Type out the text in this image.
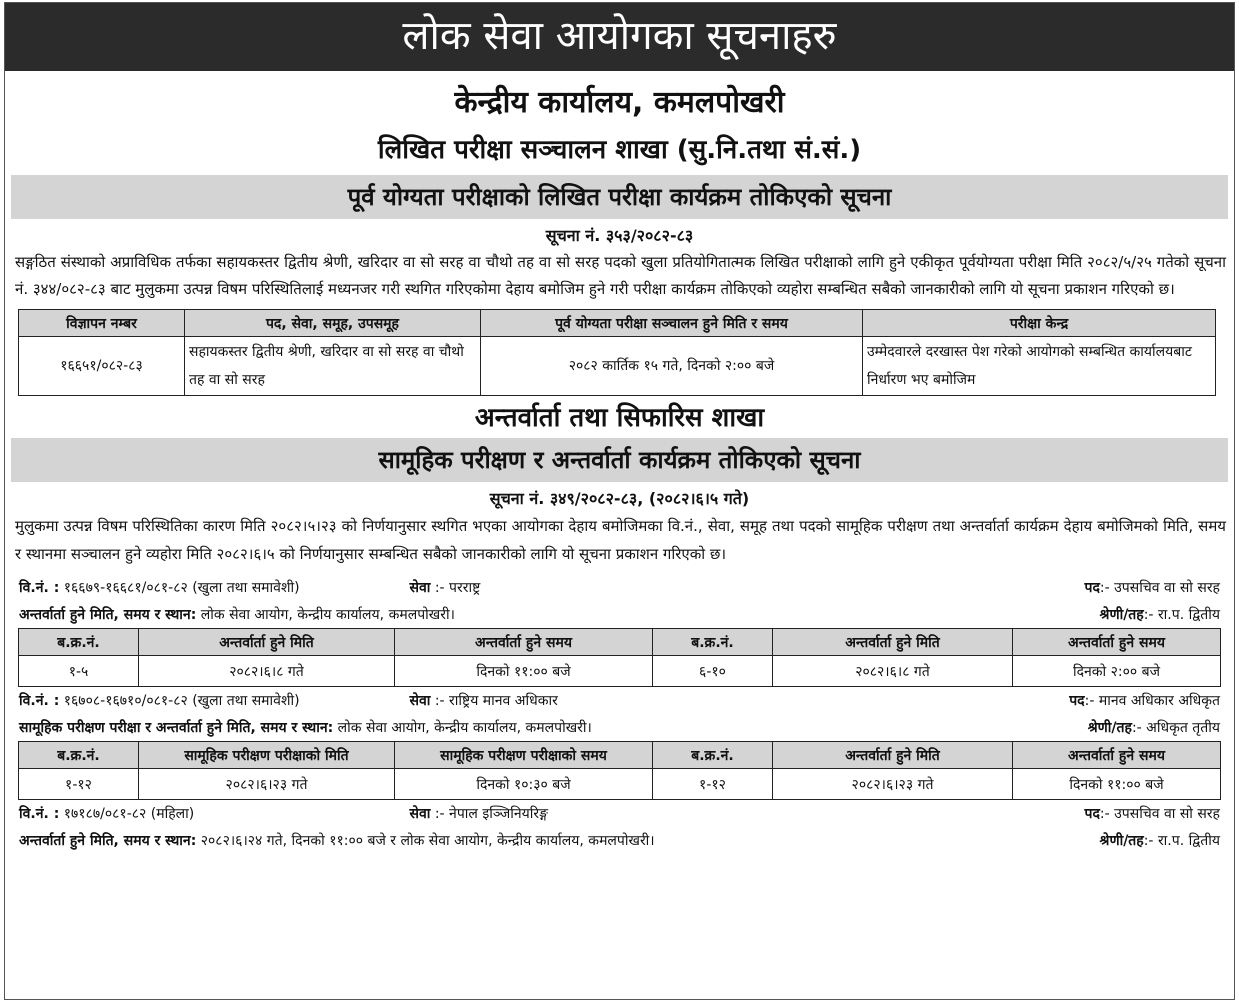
लोक सेवा आयोगका सूचनाहरु
केन्द्रीय कार्यालय, कमलपोखरी
लिखित परीक्षा सञ्चालन शाखा (सु.नि.तथा सं.सं.)
पूर्व योग्यता परीक्षाको लिखित परीक्षा कार्यक्रम तोकिएको सूचना
सूचना नं. ३५३/२०८२-८३
सङ्गठित संस्थाको अप्राविधिक तर्फका सहायकस्तर द्वितीय श्रेणी, खरिदार वा सो सरह वा चौथो तह वा सो सरह पदको खुला प्रतियोगितात्मक लिखित परीक्षाको लागि हुने एकीकृत पूर्वयोग्यता परीक्षा मिति २०८२/५/२५ गतेको सूचना नं. ३४४/०८२-८३ बाट मुलुकमा उत्पन्न विषम परिस्थितिलाई मध्यनजर गरी स्थगित गरिएकोमा देहाय बमोजिम हुने गरी परीक्षा कार्यक्रम तोकिएको व्यहोरा सम्बन्धित सबैको जानकारीको लागि यो सूचना प्रकाशन गरिएको छ।
विज्ञापन नम्बर	पद, सेवा, समूह, उपसमूह	पूर्व योग्यता परीक्षा सञ्चालन हुने मिति र समय	परीक्षा केन्द्र
१६६५१/०८२-८३	सहायकस्तर द्वितीय श्रेणी, खरिदार वा सो सरह वा चौथो तह वा सो सरह	२०८२ कार्तिक १५ गते, दिनको २:०० बजे	उम्मेदवारले दरखास्त पेश गरेको आयोगको सम्बन्धित कार्यालयबाट निर्धारण भए बमोजिम
अन्तर्वार्ता तथा सिफारिस शाखा
सामूहिक परीक्षण र अन्तर्वार्ता कार्यक्रम तोकिएको सूचना
सूचना नं. ३४९/२०८२-८३, (२०८२।६।५ गते)
मुलुकमा उत्पन्न विषम परिस्थितिका कारण मिति २०८२।५।२३ को निर्णयानुसार स्थगित भएका आयोगका देहाय बमोजिमका वि.नं., सेवा, समूह तथा पदको सामूहिक परीक्षण तथा अन्तर्वार्ता कार्यक्रम देहाय बमोजिमको मिति, समय र स्थानमा सञ्चालन हुने व्यहोरा मिति २०८२।६।५ को निर्णयानुसार सम्बन्धित सबैको जानकारीको लागि यो सूचना प्रकाशन गरिएको छ।
वि.नं. : १६६७९-१६६८१/०८१-८२ (खुला तथा समावेशी)	सेवा :- परराष्ट्र	पद:- उपसचिव वा सो सरह
अन्तर्वार्ता हुने मिति, समय र स्थान: लोक सेवा आयोग, केन्द्रीय कार्यालय, कमलपोखरी।	श्रेणी/तह:- रा.प. द्वितीय
ब.क्र.नं.	अन्तर्वार्ता हुने मिति	अन्तर्वार्ता हुने समय	ब.क्र.नं.	अन्तर्वार्ता हुने मिति	अन्तर्वार्ता हुने समय
१-५	२०८२।६।८ गते	दिनको ११:०० बजे	६-१०	२०८२।६।८ गते	दिनको २:०० बजे
वि.नं. : १६७०८-१६७१०/०८१-८२ (खुला तथा समावेशी)	सेवा :- राष्ट्रिय मानव अधिकार	पद:- मानव अधिकार अधिकृत
सामूहिक परीक्षण परीक्षा र अन्तर्वार्ता हुने मिति, समय र स्थान: लोक सेवा आयोग, केन्द्रीय कार्यालय, कमलपोखरी।	श्रेणी/तह:- अधिकृत तृतीय
ब.क्र.नं.	सामूहिक परीक्षण परीक्षाको मिति	सामूहिक परीक्षण परीक्षाको समय	ब.क्र.नं.	अन्तर्वार्ता हुने मिति	अन्तर्वार्ता हुने समय
१-१२	२०८२।६।२३ गते	दिनको १०:३० बजे	१-१२	२०८२।६।२३ गते	दिनको ११:०० बजे
वि.नं. : १७१८७/०८१-८२ (महिला)	सेवा :- नेपाल इञ्जिनियरिङ्ग	पद:- उपसचिव वा सो सरह
अन्तर्वार्ता हुने मिति, समय र स्थान: २०८२।६।२४ गते, दिनको ११:०० बजे र लोक सेवा आयोग, केन्द्रीय कार्यालय, कमलपोखरी।	श्रेणी/तह:- रा.प. द्वितीय
